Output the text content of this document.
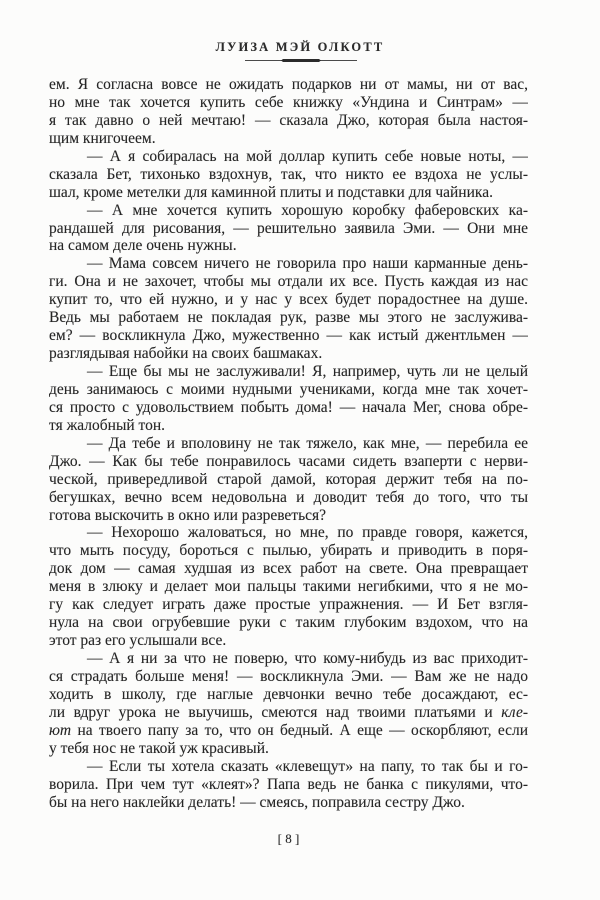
ЛУИЗА МЭЙ ОЛКОТТ
ем. Я согласна вовсе не ожидать подарков ни от мамы, ни от вас,
но мне так хочется купить себе книжку «Ундина и Синтрам» —
я так давно о ней мечтаю! — сказала Джо, которая была настоя-
щим книгочеем.
— А я собиралась на мой доллар купить себе новые ноты, —
сказала Бет, тихонько вздохнув, так, что никто ее вздоха не услы-
шал, кроме метелки для каминной плиты и подставки для чайника.
— А мне хочется купить хорошую коробку фаберовских ка-
рандашей для рисования, — решительно заявила Эми. — Они мне
на самом деле очень нужны.
— Мама совсем ничего не говорила про наши карманные день-
ги. Она и не захочет, чтобы мы отдали их все. Пусть каждая из нас
купит то, что ей нужно, и у нас у всех будет порадостнее на душе.
Ведь мы работаем не покладая рук, разве мы этого не заслужива-
ем? — воскликнула Джо, мужественно — как истый джентльмен —
разглядывая набойки на своих башмаках.
— Еще бы мы не заслуживали! Я, например, чуть ли не целый
день занимаюсь с моими нудными учениками, когда мне так хочет-
ся просто с удовольствием побыть дома! — начала Мег, снова обре-
тя жалобный тон.
— Да тебе и вполовину не так тяжело, как мне, — перебила ее
Джо. — Как бы тебе понравилось часами сидеть взаперти с нерви-
ческой, привередливой старой дамой, которая держит тебя на по-
бегушках, вечно всем недовольна и доводит тебя до того, что ты
готова выскочить в окно или разреветься?
— Нехорошо жаловаться, но мне, по правде говоря, кажется,
что мыть посуду, бороться с пылью, убирать и приводить в поря-
док дом — самая худшая из всех работ на свете. Она превращает
меня в злюку и делает мои пальцы такими негибкими, что я не мо-
гу как следует играть даже простые упражнения. — И Бет взгля-
нула на свои огрубевшие руки с таким глубоким вздохом, что на
этот раз его услышали все.
— А я ни за что не поверю, что кому-нибудь из вас приходит-
ся страдать больше меня! — воскликнула Эми. — Вам же не надо
ходить в школу, где наглые девчонки вечно тебе досаждают, ес-
ли вдруг урока не выучишь, смеются над твоими платьями и кле-
ют на твоего папу за то, что он бедный. А еще — оскорбляют, если
у тебя нос не такой уж красивый.
— Если ты хотела сказать «клевещут» на папу, то так бы и го-
ворила. При чем тут «клеят»? Папа ведь не банка с пикулями, что-
бы на него наклейки делать! — смеясь, поправила сестру Джо.
[ 8 ]
